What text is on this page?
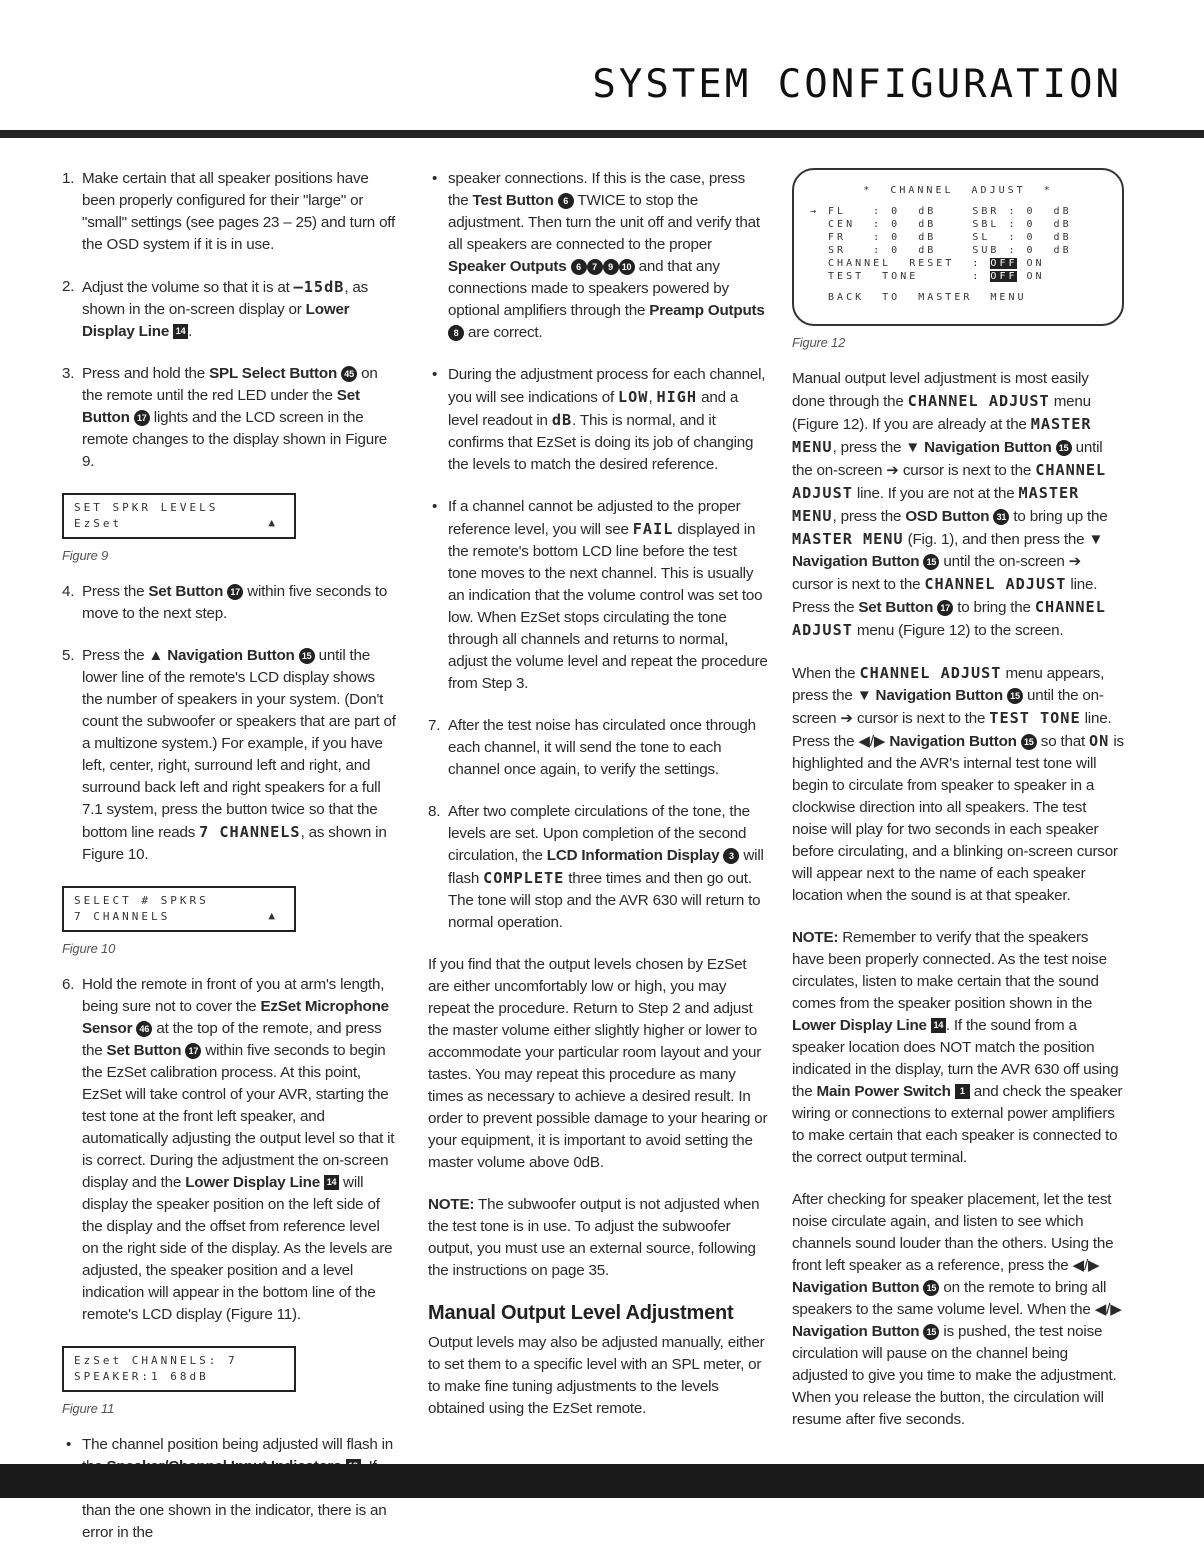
SYSTEM CONFIGURATION
1. Make certain that all speaker positions have been properly configured for their "large" or "small" settings (see pages 23 – 25) and turn off the OSD system if it is in use.
2. Adjust the volume so that it is at –15dB, as shown in the on-screen display or Lower Display Line 14 .
3. Press and hold the SPL Select Button 45 on the remote until the red LED under the Set Button 17 lights and the LCD screen in the remote changes to the display shown in Figure 9.
SET SPKR LEVELS
EzSet	▲
Figure 9
4. Press the Set Button 17 within five seconds to move to the next step.
5. Press the ▲ Navigation Button 15 until the lower line of the remote's LCD display shows the number of speakers in your system. (Don't count the subwoofer or speakers that are part of a multizone system.) For example, if you have left, center, right, surround left and right, and surround back left and right speakers for a full 7.1 system, press the button twice so that the bottom line reads 7 CHANNELS, as shown in Figure 10.
SELECT # SPKRS
7 CHANNELS	▲
Figure 10
6. Hold the remote in front of you at arm's length, being sure not to cover the EzSet Microphone Sensor 46 at the top of the remote, and press the Set Button 17 within five seconds to begin the EzSet calibration process. At this point, EzSet will take control of your AVR, starting the test tone at the front left speaker, and automatically adjusting the output level so that it is correct. During the adjustment the on-screen display and the Lower Display Line 14 will display the speaker position on the left side of the display and the offset from reference level on the right side of the display. As the levels are adjusted, the speaker position and a level indication will appear in the bottom line of the remote's LCD display (Figure 11).
EzSet CHANNELS: 7
SPEAKER:1 68dB
Figure 11
• The channel position being adjusted will flash in  than the one shown in the indicator, there is an error in the
• speaker connections. If this is the case, press the Test Button 6 TWICE to stop the adjustment. Then turn the unit off and verify that all speakers are connected to the proper Speaker Outputs 6 7 9 10 and that any connections made to speakers powered by optional amplifiers through the Preamp Outputs 8 are correct.
• During the adjustment process for each channel, you will see indications of LOW, HIGH and a level readout in dB. This is normal, and it confirms that EzSet is doing its job of changing the levels to match the desired reference.
• If a channel cannot be adjusted to the proper reference level, you will see FAIL displayed in the remote's bottom LCD line before the test tone moves to the next channel. This is usually an indication that the volume control was set too low. When EzSet stops circulating the tone through all channels and returns to normal, adjust the volume level and repeat the procedure from Step 3.
7. After the test noise has circulated once through each channel, it will send the tone to each channel once again, to verify the settings.
8. After two complete circulations of the tone, the levels are set. Upon completion of the second circulation, the LCD Information Display 3 will flash COMPLETE three times and then go out. The tone will stop and the AVR 630 will return to normal operation.

If you find that the output levels chosen by EzSet are either uncomfortably low or high, you may repeat the procedure. Return to Step 2 and adjust the master volume either slightly higher or lower to accommodate your particular room layout and your tastes. You may repeat this procedure as many times as necessary to achieve a desired result. In order to prevent possible damage to your hearing or your equipment, it is important to avoid setting the master volume above 0dB.

NOTE: The subwoofer output is not adjusted when the test tone is in use. To adjust the subwoofer output, you must use an external source, following the instructions on page 35.

Manual Output Level Adjustment

Output levels may also be adjusted manually, either to set them to a specific level with an SPL meter, or to make fine tuning adjustments to the levels obtained using the EzSet remote.

*  CHANNEL  ADJUST  *
→ FL   : 0  dB    SBR : 0  dB
CEN  : 0  dB    SBL : 0  dB
FR   : 0  dB    SL  : 0  dB
SR   : 0  dB    SUB : 0  dB
CHANNEL  RESET  : OFF ON
TEST  TONE      : OFF ON
BACK  TO  MASTER  MENU
Figure 12

Manual output level adjustment is most easily done through the CHANNEL ADJUST menu (Figure 12). If you are already at the MASTER MENU, press the ▼ Navigation Button 15 until the on-screen ➔ cursor is next to the CHANNEL ADJUST line. If you are not at the MASTER MENU, press the OSD Button 31 to bring up the MASTER MENU (Fig. 1), and then press the ▼ Navigation Button 15 until the on-screen ➔ cursor is next to the CHANNEL ADJUST line. Press the Set Button 17 to bring the CHANNEL ADJUST menu (Figure 12) to the screen.

When the CHANNEL ADJUST menu appears, press the ▼ Navigation Button 15 until the on-screen ➔ cursor is next to the TEST TONE line. Press the ◀/▶ Navigation Button 15 so that ON is highlighted and the AVR's internal test tone will begin to circulate from speaker to speaker in a clockwise direction into all speakers. The test noise will play for two seconds in each speaker before circulating, and a blinking on-screen cursor will appear next to the name of each speaker location when the sound is at that speaker.

NOTE: Remember to verify that the speakers have been properly connected. As the test noise circulates, listen to make certain that the sound comes from the speaker position shown in the Lower Display Line 14 . If the sound from a speaker location does NOT match the position indicated in the display, turn the AVR 630 off using the Main Power Switch 1 and check the speaker wiring or connections to external power amplifiers to make certain that each speaker is connected to the correct output terminal.

After checking for speaker placement, let the test noise circulate again, and listen to see which channels sound louder than the others. Using the front left speaker as a reference, press the ◀/▶ Navigation Button 15 on the remote to bring all speakers to the same volume level. When the ◀/▶ Navigation Button 15 is pushed, the test noise circulation will pause on the channel being adjusted to give you time to make the adjustment. When you release the button, the circulation will resume after five seconds.
